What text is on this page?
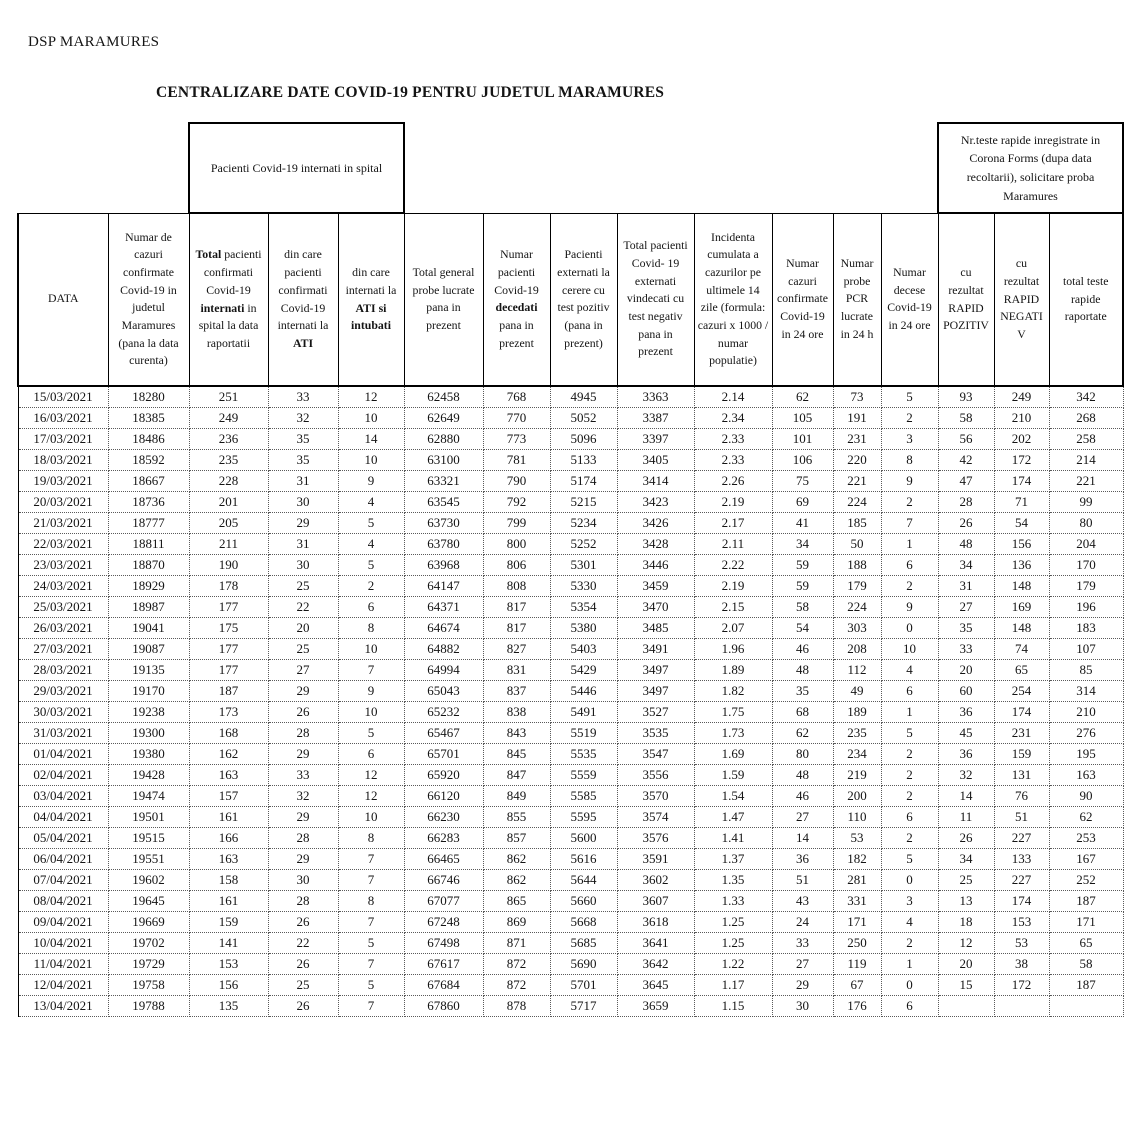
DSP MARAMURES
CENTRALIZARE DATE COVID-19 PENTRU JUDETUL MARAMURES
		Pacienti Covid-19 internati in spital											Nr.teste rapide inregistrate in Corona Forms (dupa data recoltarii), solicitare proba Maramures		
DATA	Numar de cazuri confirmate Covid-19 in judetul Maramures (pana la data curenta)	Total pacienti confirmati Covid-19 internati in spital la data raportatii	din care pacienti confirmati Covid-19 internati la ATI	din care internati la ATI si intubati	Total general probe lucrate pana in prezent	Numar pacienti Covid-19 decedati pana in prezent	Pacienti externati la cerere cu test pozitiv (pana in prezent)	Total pacienti Covid- 19 externati vindecati cu test negativ pana in prezent	Incidenta cumulata a cazurilor pe ultimele 14 zile (formula: cazuri x 1000 / numar populatie)	Numar cazuri confirmate Covid-19 in 24 ore	Numar probe PCR lucrate in 24 h	Numar decese Covid-19 in 24 ore	cu rezultat RAPID POZITIV	cu rezultat RAPID NEGATIV	total teste rapide raportate
15/03/2021	18280	251	33	12	62458	768	4945	3363	2.14	62	73	5	93	249	342
16/03/2021	18385	249	32	10	62649	770	5052	3387	2.34	105	191	2	58	210	268
17/03/2021	18486	236	35	14	62880	773	5096	3397	2.33	101	231	3	56	202	258
18/03/2021	18592	235	35	10	63100	781	5133	3405	2.33	106	220	8	42	172	214
19/03/2021	18667	228	31	9	63321	790	5174	3414	2.26	75	221	9	47	174	221
20/03/2021	18736	201	30	4	63545	792	5215	3423	2.19	69	224	2	28	71	99
21/03/2021	18777	205	29	5	63730	799	5234	3426	2.17	41	185	7	26	54	80
22/03/2021	18811	211	31	4	63780	800	5252	3428	2.11	34	50	1	48	156	204
23/03/2021	18870	190	30	5	63968	806	5301	3446	2.22	59	188	6	34	136	170
24/03/2021	18929	178	25	2	64147	808	5330	3459	2.19	59	179	2	31	148	179
25/03/2021	18987	177	22	6	64371	817	5354	3470	2.15	58	224	9	27	169	196
26/03/2021	19041	175	20	8	64674	817	5380	3485	2.07	54	303	0	35	148	183
27/03/2021	19087	177	25	10	64882	827	5403	3491	1.96	46	208	10	33	74	107
28/03/2021	19135	177	27	7	64994	831	5429	3497	1.89	48	112	4	20	65	85
29/03/2021	19170	187	29	9	65043	837	5446	3497	1.82	35	49	6	60	254	314
30/03/2021	19238	173	26	10	65232	838	5491	3527	1.75	68	189	1	36	174	210
31/03/2021	19300	168	28	5	65467	843	5519	3535	1.73	62	235	5	45	231	276
01/04/2021	19380	162	29	6	65701	845	5535	3547	1.69	80	234	2	36	159	195
02/04/2021	19428	163	33	12	65920	847	5559	3556	1.59	48	219	2	32	131	163
03/04/2021	19474	157	32	12	66120	849	5585	3570	1.54	46	200	2	14	76	90
04/04/2021	19501	161	29	10	66230	855	5595	3574	1.47	27	110	6	11	51	62
05/04/2021	19515	166	28	8	66283	857	5600	3576	1.41	14	53	2	26	227	253
06/04/2021	19551	163	29	7	66465	862	5616	3591	1.37	36	182	5	34	133	167
07/04/2021	19602	158	30	7	66746	862	5644	3602	1.35	51	281	0	25	227	252
08/04/2021	19645	161	28	8	67077	865	5660	3607	1.33	43	331	3	13	174	187
09/04/2021	19669	159	26	7	67248	869	5668	3618	1.25	24	171	4	18	153	171
10/04/2021	19702	141	22	5	67498	871	5685	3641	1.25	33	250	2	12	53	65
11/04/2021	19729	153	26	7	67617	872	5690	3642	1.22	27	119	1	20	38	58
12/04/2021	19758	156	25	5	67684	872	5701	3645	1.17	29	67	0	15	172	187
13/04/2021	19788	135	26	7	67860	878	5717	3659	1.15	30	176	6			
